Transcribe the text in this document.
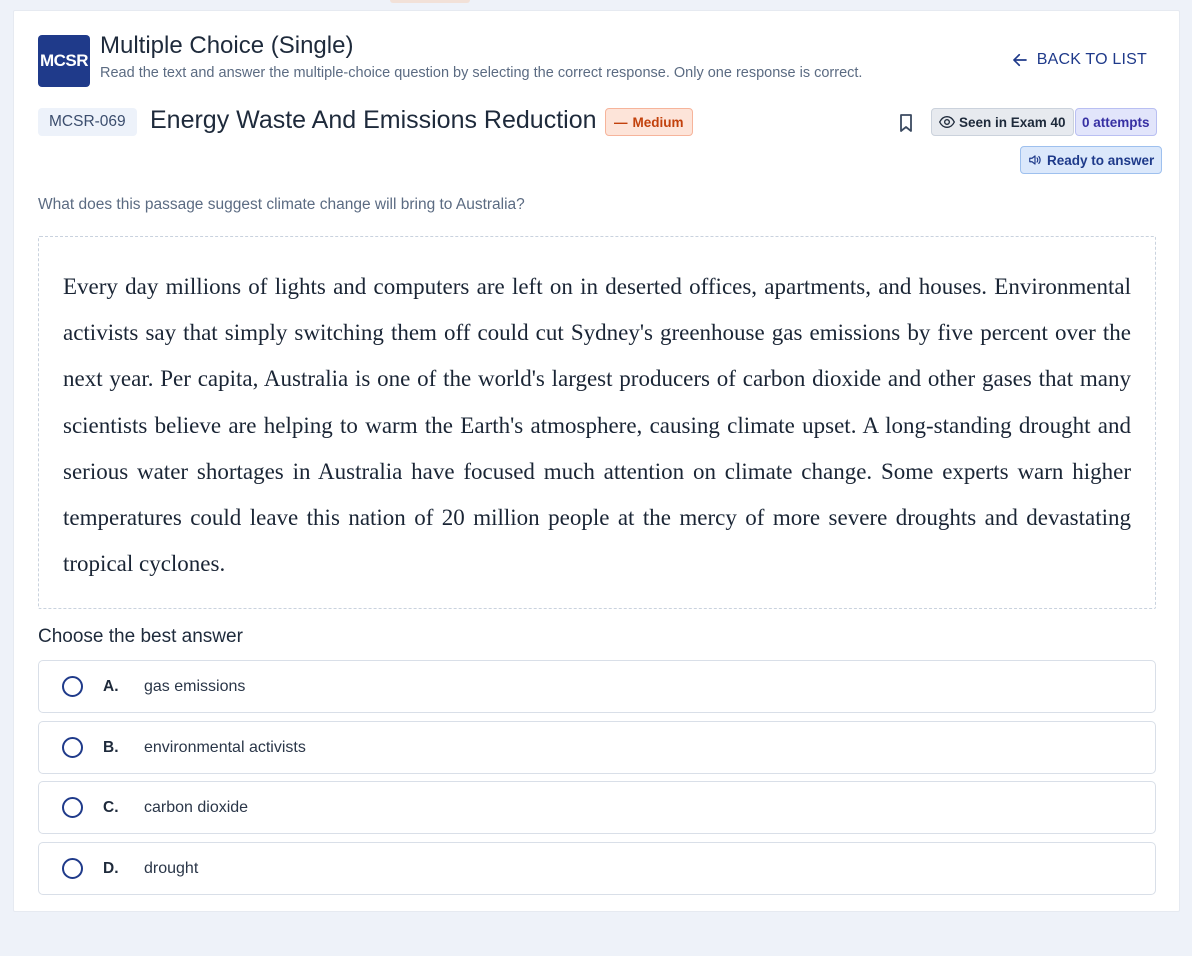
MCSR
Multiple Choice (Single)
Read the text and answer the multiple-choice question by selecting the correct response. Only one response is correct.
BACK TO LIST
MCSR-069 Energy Waste And Emissions Reduction — Medium	Seen in Exam 40	0 attempts
Ready to answer
What does this passage suggest climate change will bring to Australia?
Every day millions of lights and computers are left on in deserted offices, apartments, and houses. Environmental activists say that simply switching them off could cut Sydney's greenhouse gas emissions by five percent over the next year. Per capita, Australia is one of the world's largest producers of carbon dioxide and other gases that many scientists believe are helping to warm the Earth's atmosphere, causing climate upset. A long-standing drought and serious water shortages in Australia have focused much attention on climate change. Some experts warn higher temperatures could leave this nation of 20 million people at the mercy of more severe droughts and devastating tropical cyclones.
Choose the best answer
A. gas emissions
B. environmental activists
C. carbon dioxide
D. drought
